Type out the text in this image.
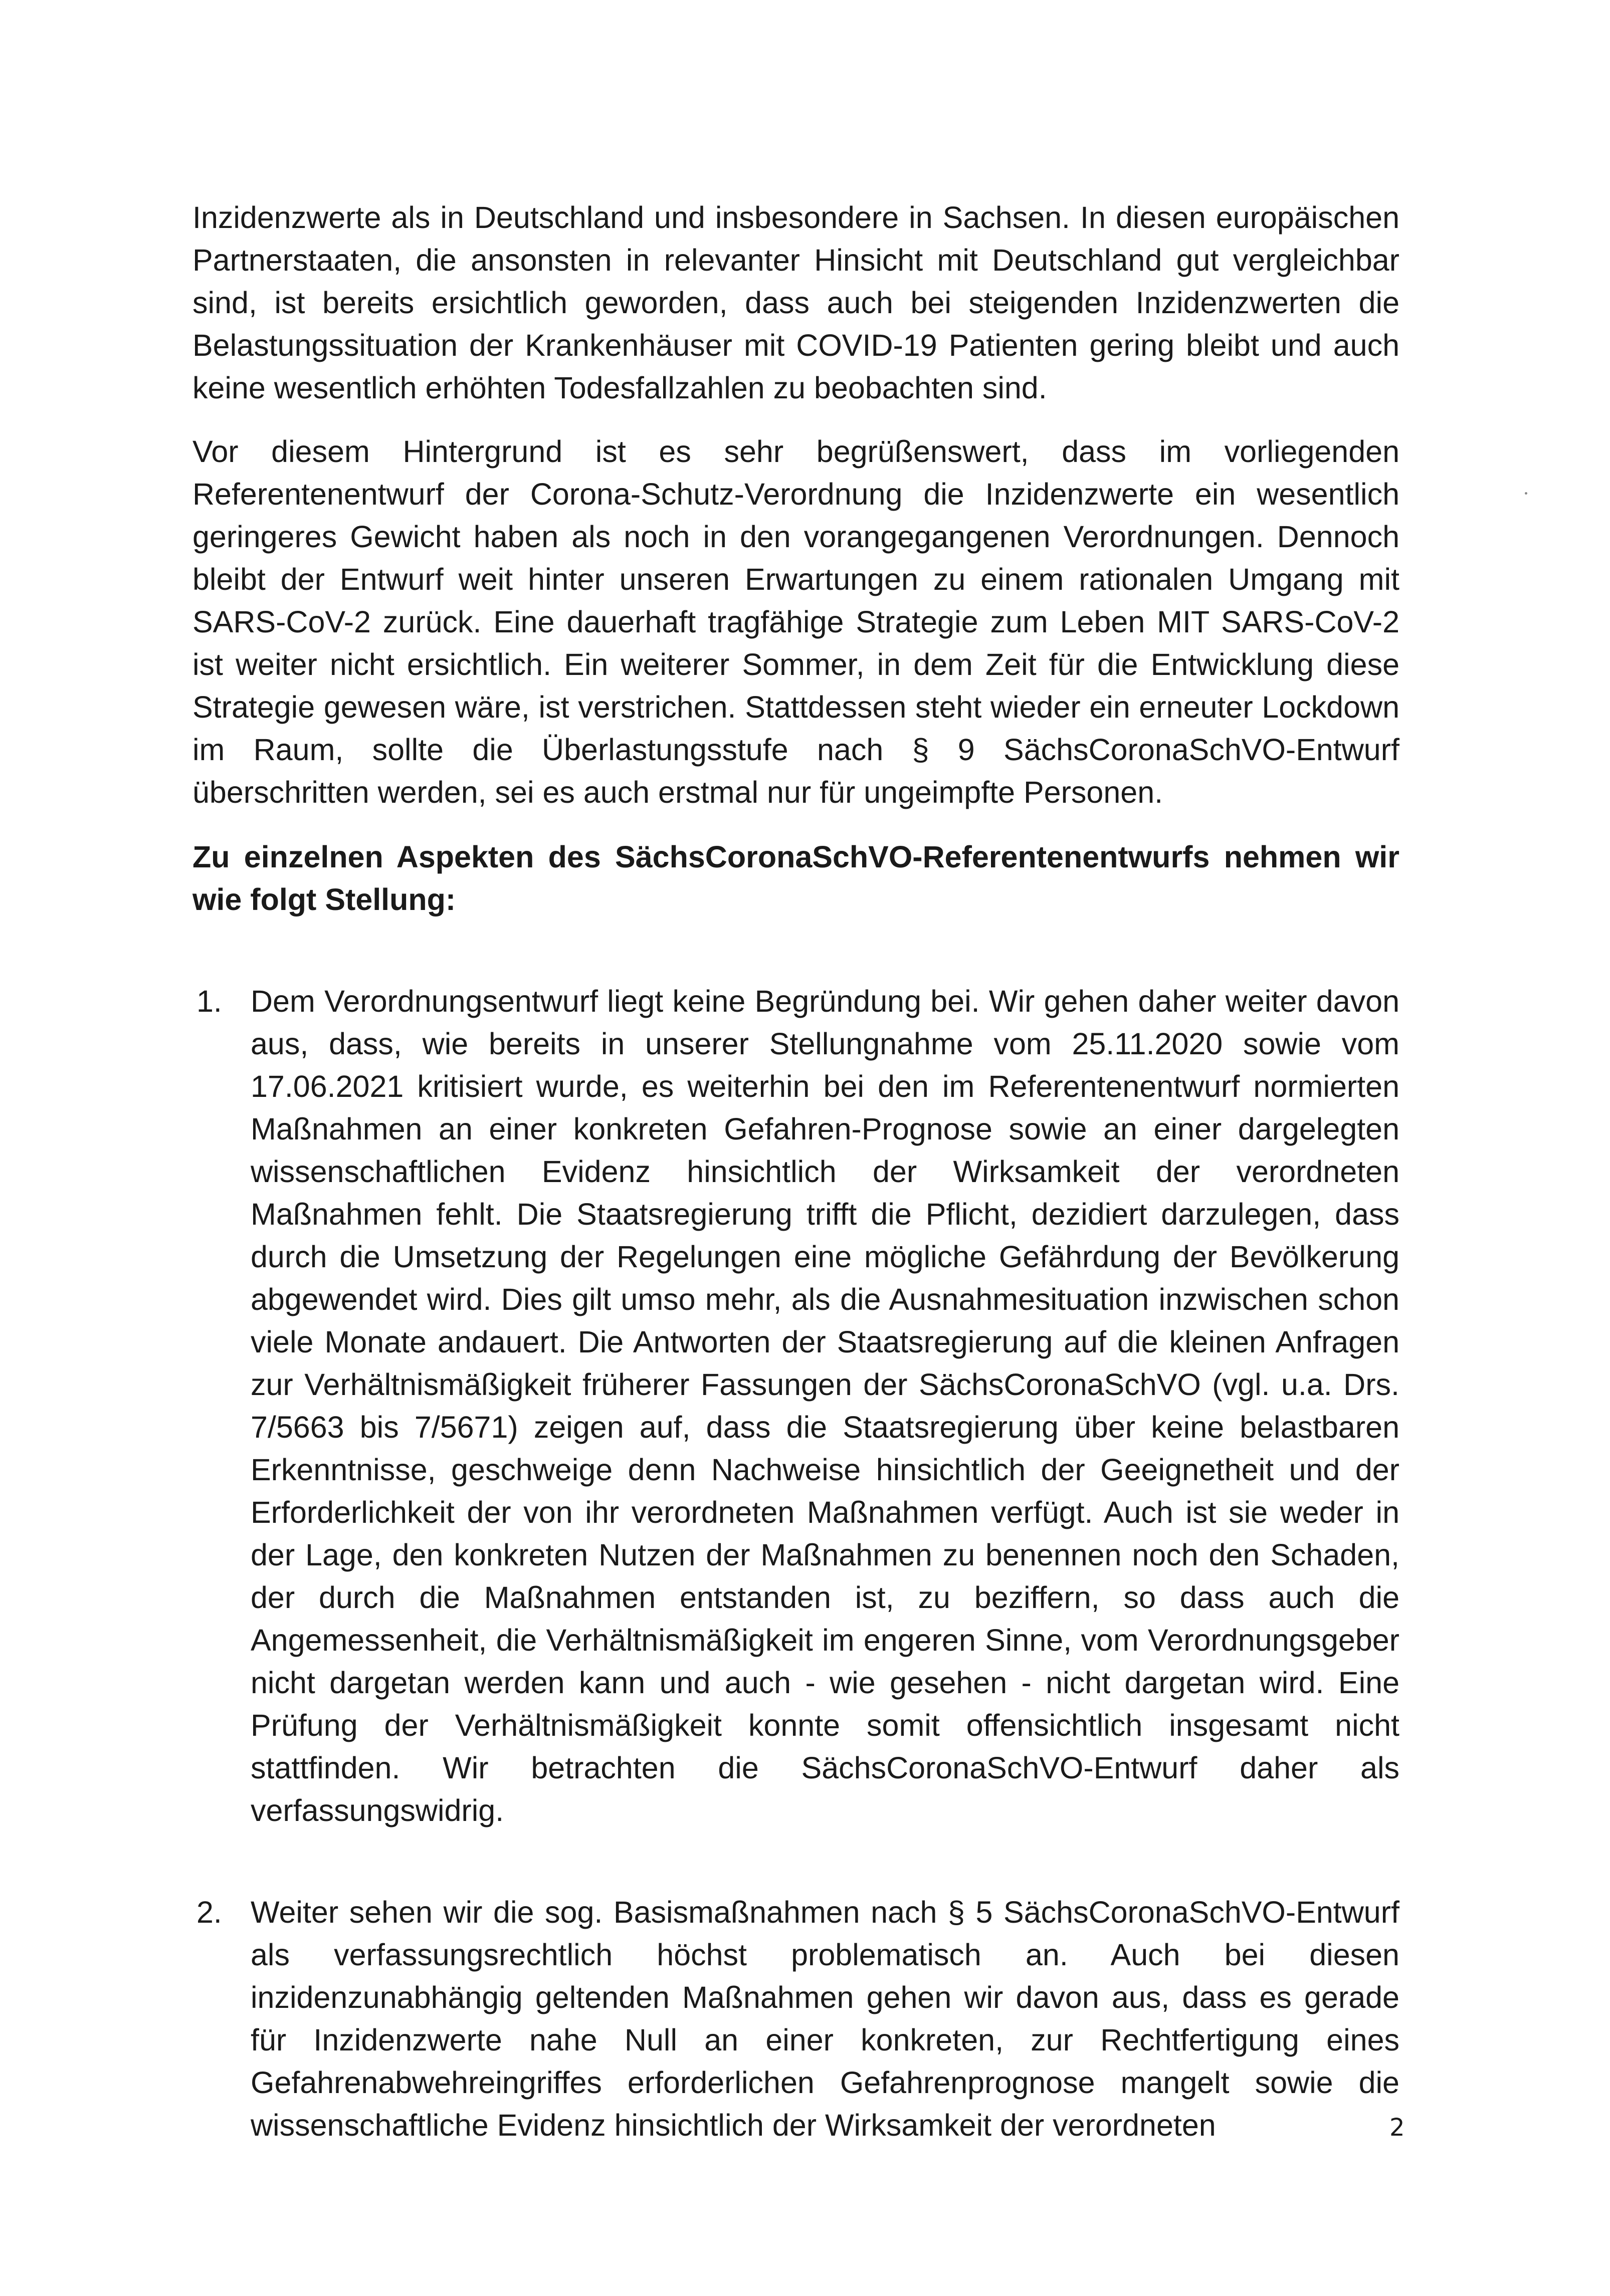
Inzidenzwerte als in Deutschland und insbesondere in Sachsen. In diesen europäischen Partnerstaaten, die ansonsten in relevanter Hinsicht mit Deutschland gut vergleichbar sind, ist bereits ersichtlich geworden, dass auch bei steigenden Inzidenzwerten die Belastungssituation der Krankenhäuser mit COVID-19 Patienten gering bleibt und auch keine wesentlich erhöhten Todesfallzahlen zu beobachten sind.

Vor diesem Hintergrund ist es sehr begrüßenswert, dass im vorliegenden Referentenentwurf der Corona-Schutz-Verordnung die Inzidenzwerte ein wesentlich geringeres Gewicht haben als noch in den vorangegangenen Verordnungen. Dennoch bleibt der Entwurf weit hinter unseren Erwartungen zu einem rationalen Umgang mit SARS-CoV-2 zurück. Eine dauerhaft tragfähige Strategie zum Leben MIT SARS-CoV-2 ist weiter nicht ersichtlich. Ein weiterer Sommer, in dem Zeit für die Entwicklung diese Strategie gewesen wäre, ist verstrichen. Stattdessen steht wieder ein erneuter Lockdown im Raum, sollte die Überlastungsstufe nach § 9 SächsCoronaSchVO-Entwurf überschritten werden, sei es auch erstmal nur für ungeimpfte Personen.

Zu einzelnen Aspekten des SächsCoronaSchVO-Referentenentwurfs nehmen wir wie folgt Stellung:

1. Dem Verordnungsentwurf liegt keine Begründung bei. Wir gehen daher weiter davon aus, dass, wie bereits in unserer Stellungnahme vom 25.11.2020 sowie vom 17.06.2021 kritisiert wurde, es weiterhin bei den im Referentenentwurf normierten Maßnahmen an einer konkreten Gefahren-Prognose sowie an einer dargelegten wissenschaftlichen Evidenz hinsichtlich der Wirksamkeit der verordneten Maßnahmen fehlt. Die Staatsregierung trifft die Pflicht, dezidiert darzulegen, dass durch die Umsetzung der Regelungen eine mögliche Gefährdung der Bevölkerung abgewendet wird. Dies gilt umso mehr, als die Ausnahmesituation inzwischen schon viele Monate andauert. Die Antworten der Staatsregierung auf die kleinen Anfragen zur Verhältnismäßigkeit früherer Fassungen der SächsCoronaSchVO (vgl. u.a. Drs. 7/5663 bis 7/5671) zeigen auf, dass die Staatsregierung über keine belastbaren Erkenntnisse, geschweige denn Nachweise hinsichtlich der Geeignetheit und der Erforderlichkeit der von ihr verordneten Maßnahmen verfügt. Auch ist sie weder in der Lage, den konkreten Nutzen der Maßnahmen zu benennen noch den Schaden, der durch die Maßnahmen entstanden ist, zu beziffern, so dass auch die Angemessenheit, die Verhältnismäßigkeit im engeren Sinne, vom Verordnungsgeber nicht dargetan werden kann und auch - wie gesehen - nicht dargetan wird. Eine Prüfung der Verhältnismäßigkeit konnte somit offensichtlich insgesamt nicht stattfinden. Wir betrachten die SächsCoronaSchVO-Entwurf daher als verfassungswidrig.

2. Weiter sehen wir die sog. Basismaßnahmen nach § 5 SächsCoronaSchVO-Entwurf als verfassungsrechtlich höchst problematisch an. Auch bei diesen inzidenzunabhängig geltenden Maßnahmen gehen wir davon aus, dass es gerade für Inzidenzwerte nahe Null an einer konkreten, zur Rechtfertigung eines Gefahrenabwehreingriffes erforderlichen Gefahrenprognose mangelt sowie die wissenschaftliche Evidenz hinsichtlich der Wirksamkeit der verordneten	2
